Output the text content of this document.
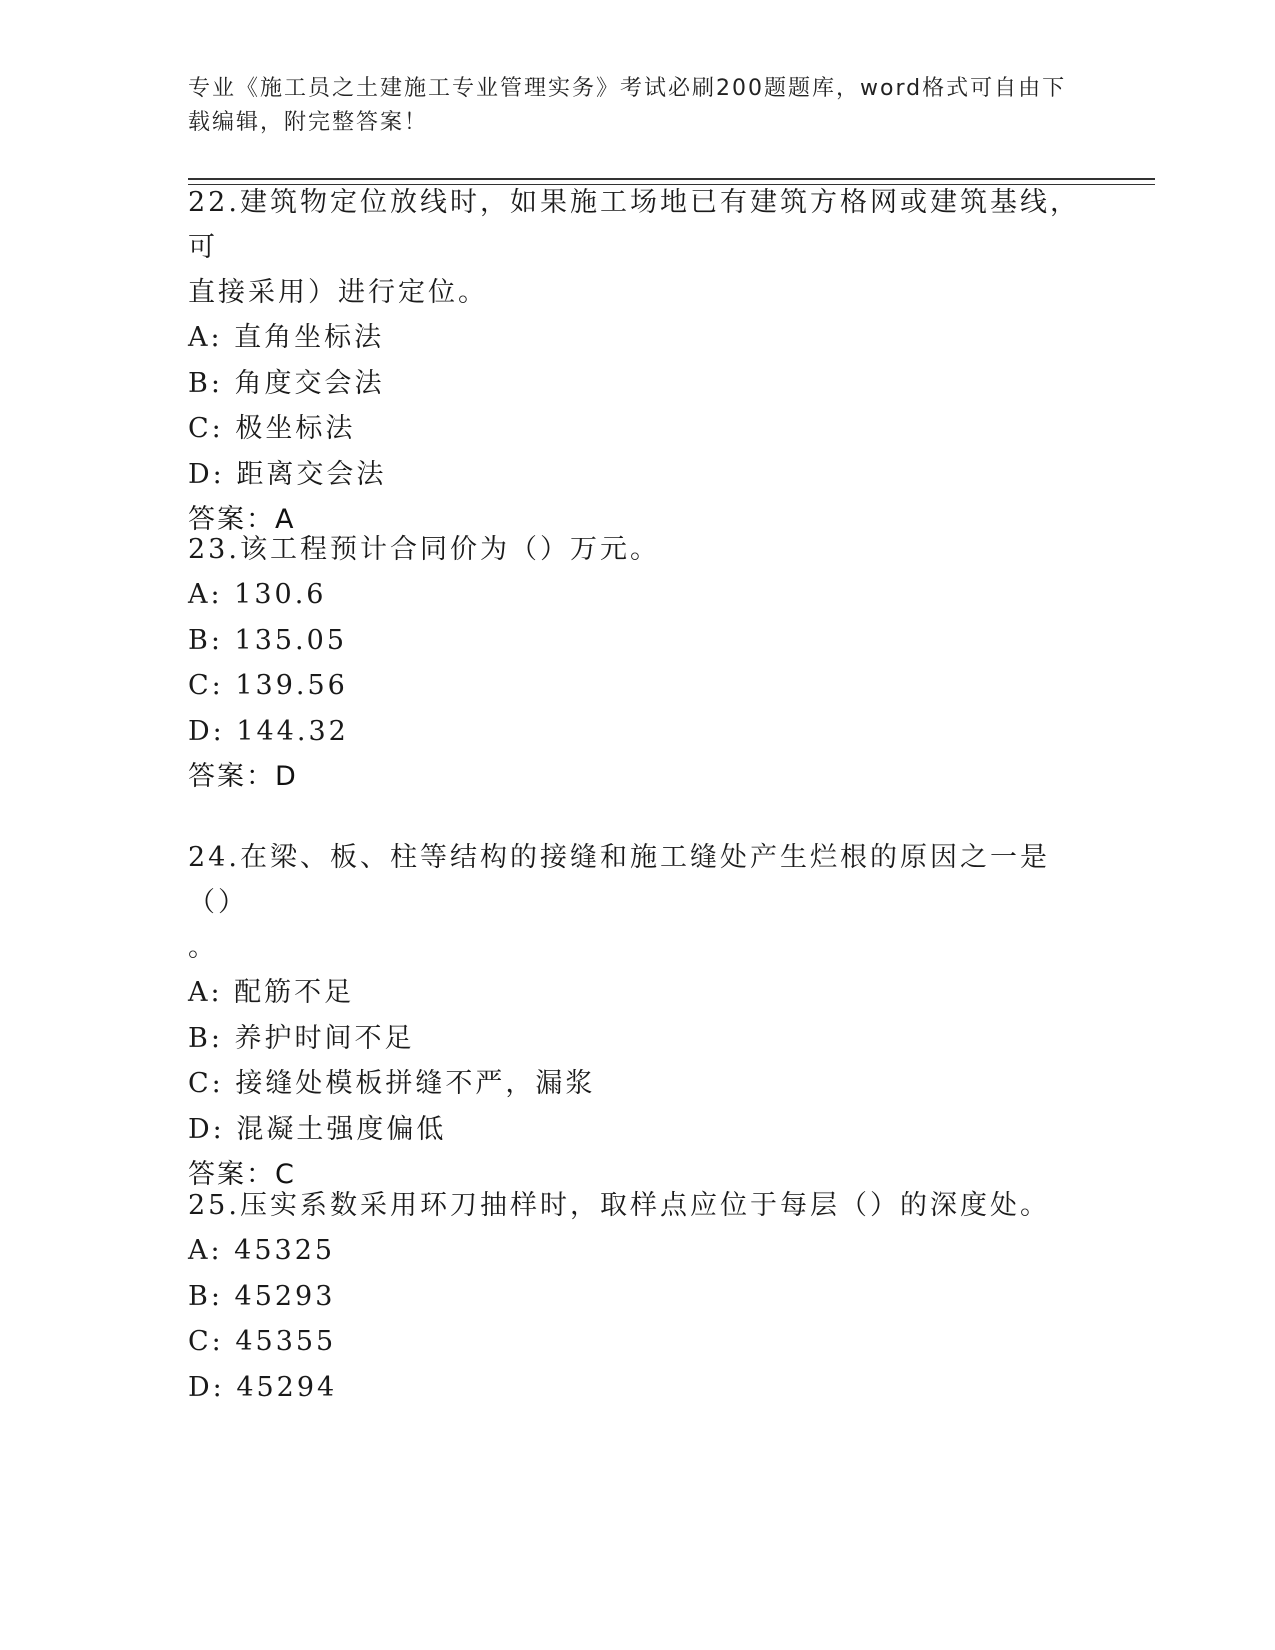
专业《施工员之土建施工专业管理实务》考试必刷200题题库，word格式可自由下载编辑，附完整答案！

22.建筑物定位放线时，如果施工场地已有建筑方格网或建筑基线，可

直接采用）进行定位。

A: 直角坐标法

B: 角度交会法

C: 极坐标法

D: 距离交会法

答案：A

23.该工程预计合同价为（）万元。

A: 130.6

B: 135.05

C: 139.56

D: 144.32

答案：D

24.在梁、板、柱等结构的接缝和施工缝处产生烂根的原因之一是（）

。

A: 配筋不足

B: 养护时间不足

C: 接缝处模板拼缝不严，漏浆

D: 混凝土强度偏低

答案：C

25.压实系数采用环刀抽样时，取样点应位于每层（）的深度处。

A: 45325

B: 45293

C: 45355

D: 45294
